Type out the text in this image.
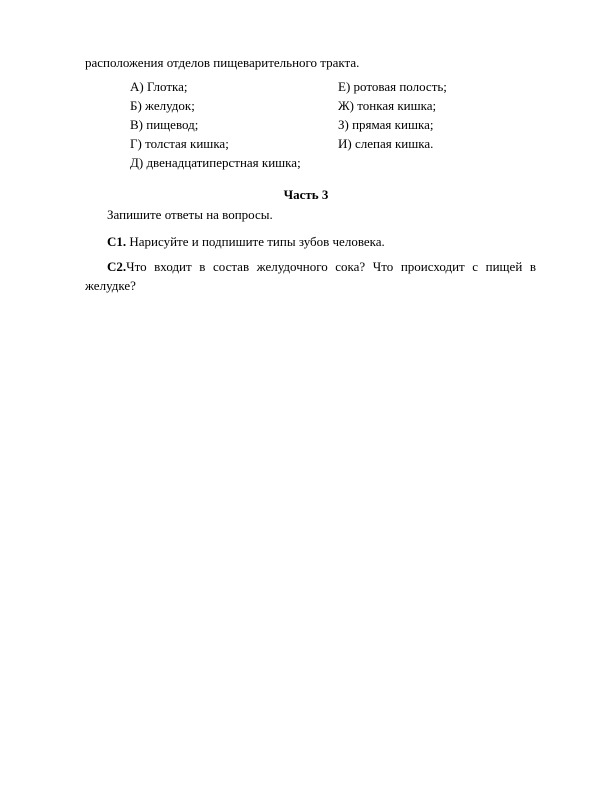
расположения отделов пищеварительного тракта.
А) Глотка;	Е) ротовая полость;
Б) желудок;	Ж) тонкая кишка;
В) пищевод;	З) прямая кишка;
Г) толстая кишка;	И) слепая кишка.
Д) двенадцатиперстная кишка;
Часть 3
Запишите ответы на вопросы.
С1. Нарисуйте и подпишите типы зубов человека.
С2.Что входит в состав желудочного сока? Что происходит с пищей в желудке?
